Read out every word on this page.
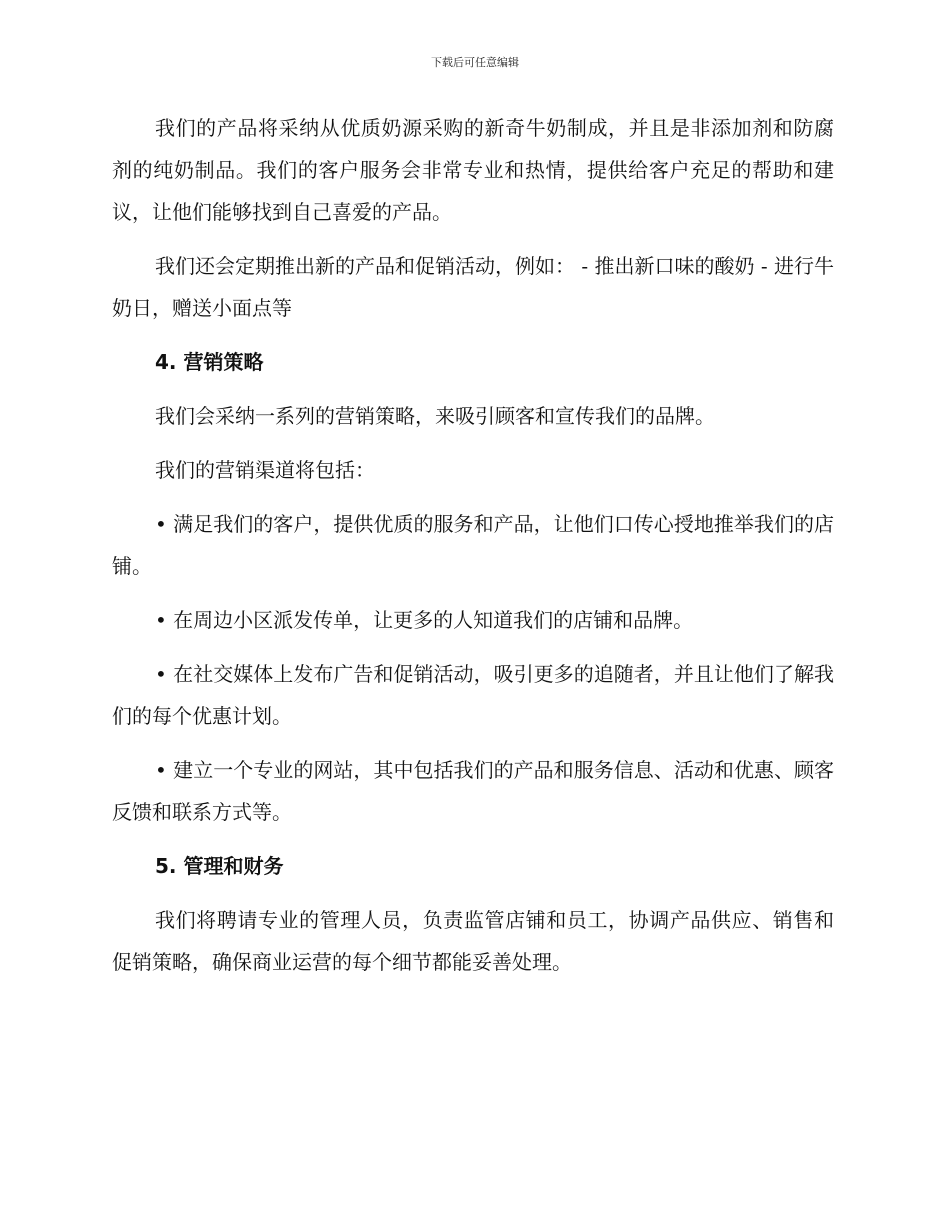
下载后可任意编辑

我们的产品将采纳从优质奶源采购的新奇牛奶制成，并且是非添加剂和防腐剂的纯奶制品。我们的客户服务会非常专业和热情，提供给客户充足的帮助和建议，让他们能够找到自己喜爱的产品。

我们还会定期推出新的产品和促销活动，例如： - 推出新口味的酸奶 - 进行牛奶日，赠送小面点等

4. 营销策略

我们会采纳一系列的营销策略，来吸引顾客和宣传我们的品牌。

我们的营销渠道将包括：

• 满足我们的客户，提供优质的服务和产品，让他们口传心授地推举我们的店铺。

• 在周边小区派发传单，让更多的人知道我们的店铺和品牌。

• 在社交媒体上发布广告和促销活动，吸引更多的追随者，并且让他们了解我们的每个优惠计划。

• 建立一个专业的网站，其中包括我们的产品和服务信息、活动和优惠、顾客反馈和联系方式等。

5. 管理和财务

我们将聘请专业的管理人员，负责监管店铺和员工，协调产品供应、销售和促销策略，确保商业运营的每个细节都能妥善处理。
